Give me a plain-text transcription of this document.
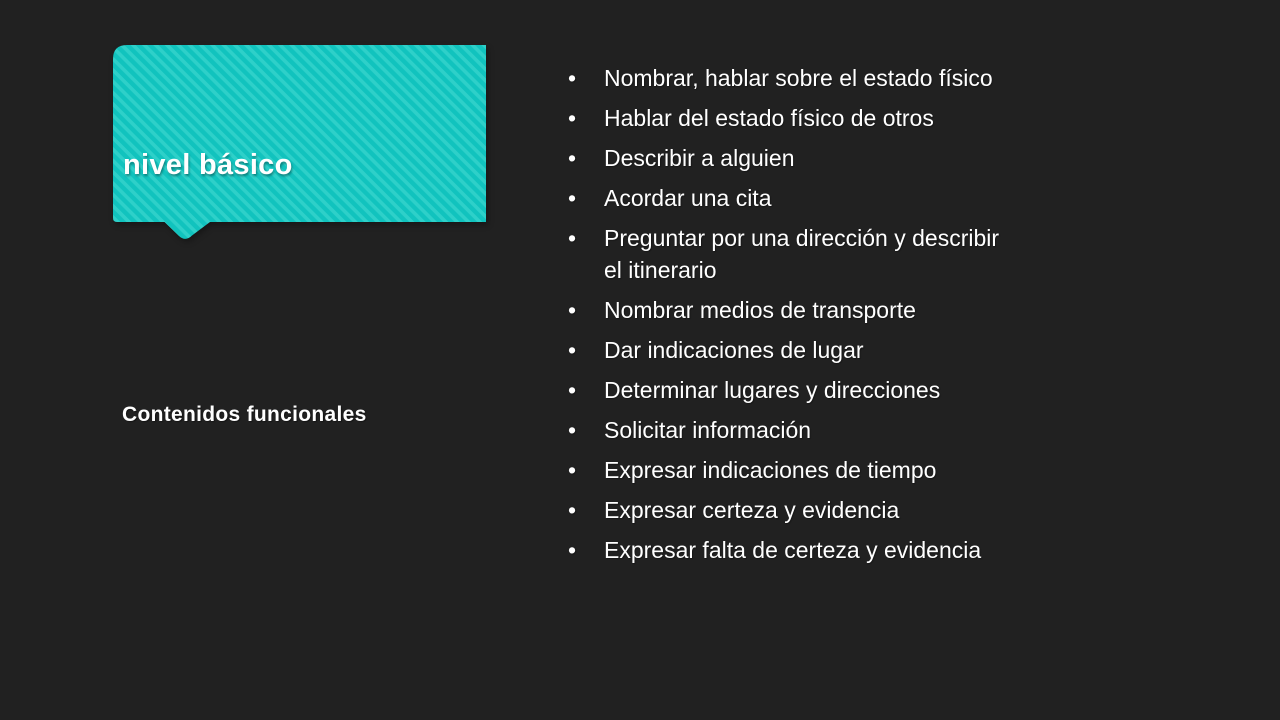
nivel básico
Contenidos funcionales
• Nombrar, hablar sobre el estado físico
• Hablar del estado físico de otros
• Describir a alguien
• Acordar una cita
• Preguntar por una dirección y describir
el itinerario
• Nombrar medios de transporte
• Dar indicaciones de lugar
• Determinar lugares y direcciones
• Solicitar información
• Expresar indicaciones de tiempo
• Expresar certeza y evidencia
• Expresar falta de certeza y evidencia
